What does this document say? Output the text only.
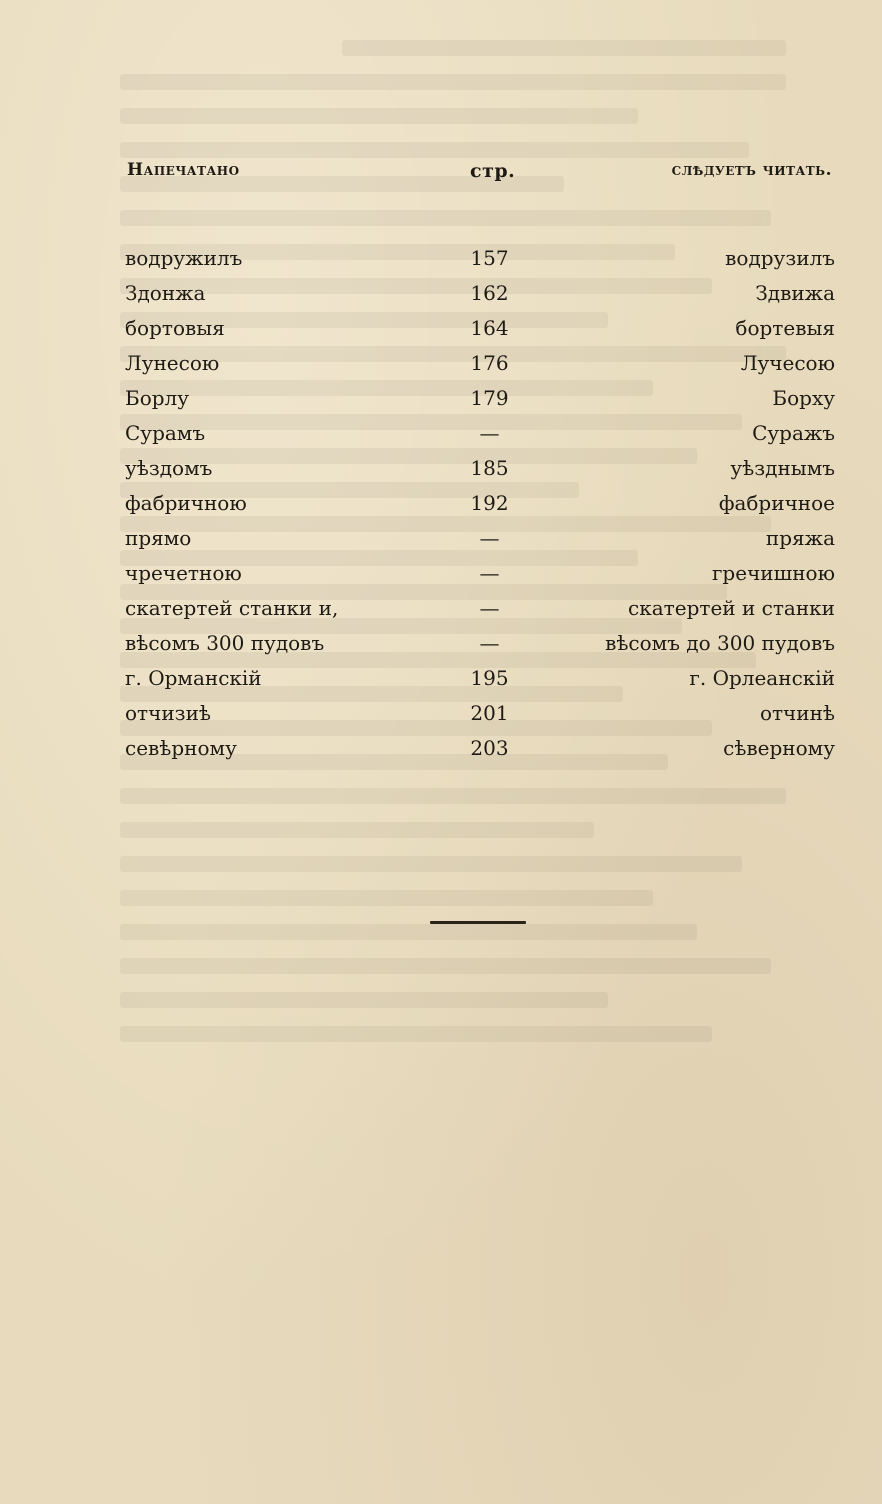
Напечатано	стр.	слѣдуетъ читать.
водружилъ	157	водрузилъ
Здонжа	162	Здвижа
бортовыя	164	бортевыя
Лунесою	176	Лучесою
Борлу	179	Борху
Сурамъ	—	Суражъ
уѣздомъ	185	уѣзднымъ
фабричною	192	фабричное
прямо	—	пряжа
чречетною	—	гречишною
скатертей станки и,	—	скатертей и станки
вѣсомъ 300 пудовъ	—	вѣсомъ до 300 пудовъ
г. Орманскій	195	г. Орлеанскій
отчизиѣ	201	отчинѣ
севѣрному	203	сѣверному
